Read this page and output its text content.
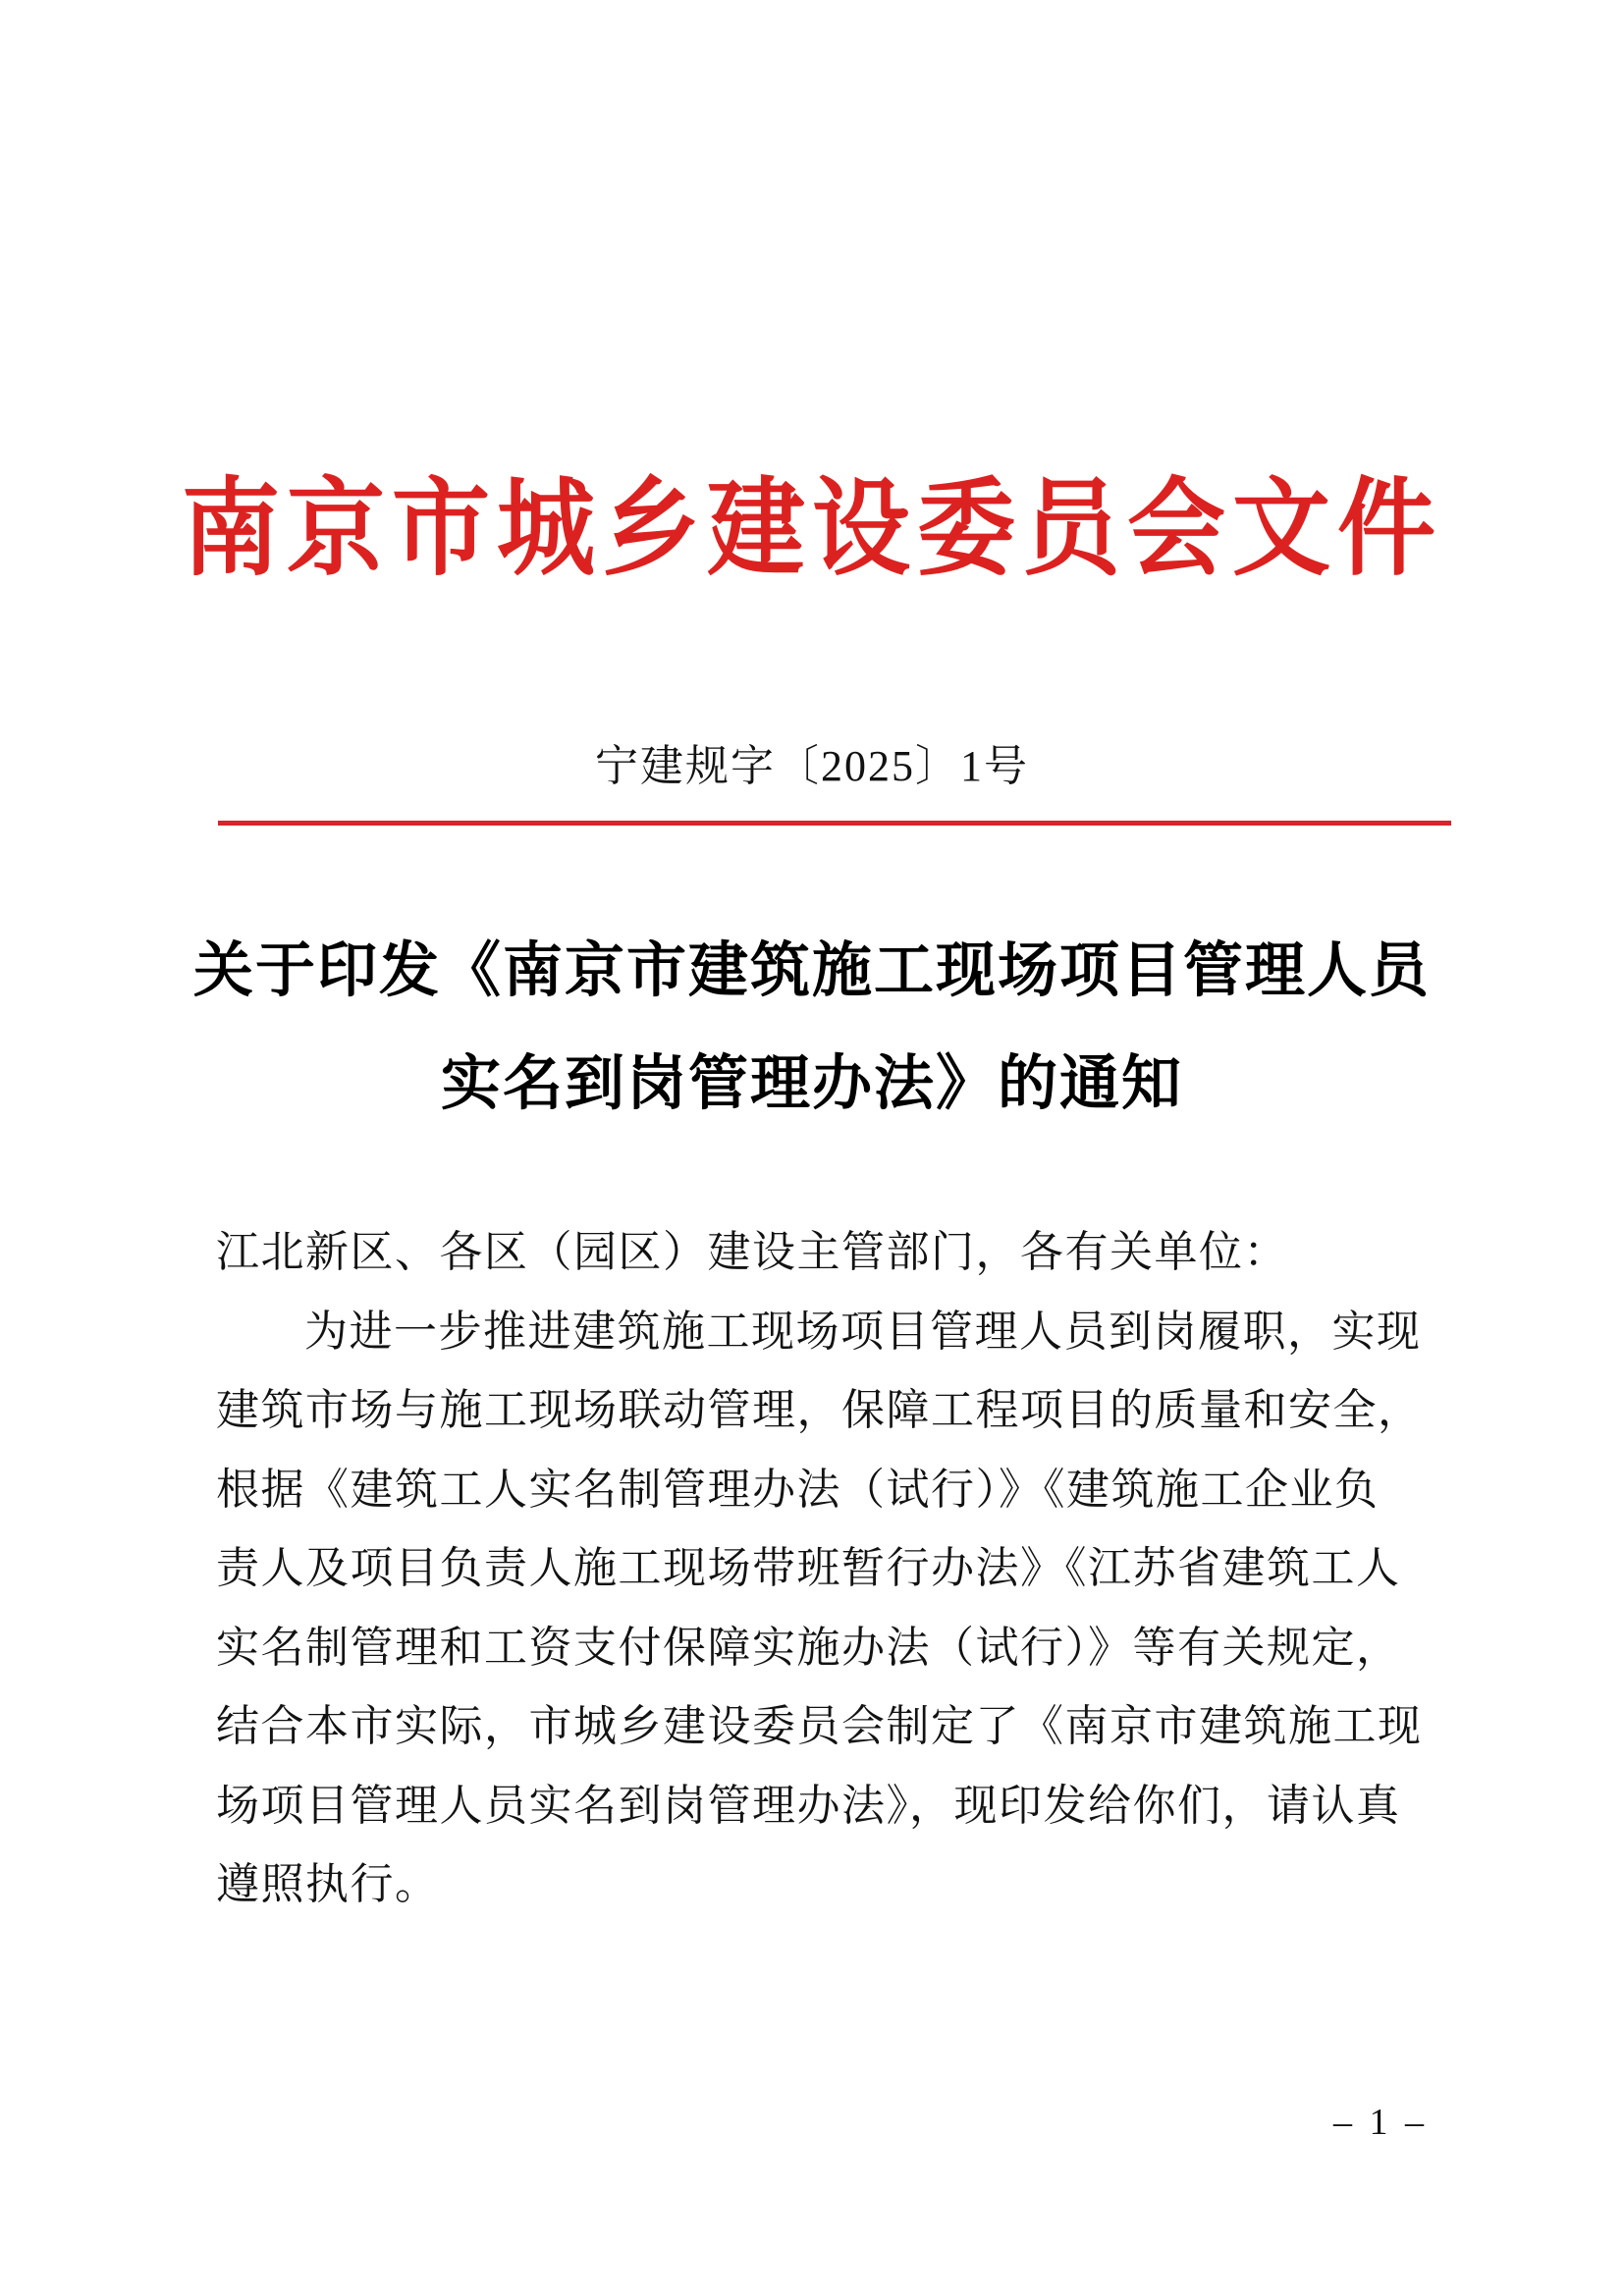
南京市城乡建设委员会文件
宁建规字〔2025〕1号
关于印发《南京市建筑施工现场项目管理人员
实名到岗管理办法》的通知
江北新区、各区（园区）建设主管部门，各有关单位：
为进一步推进建筑施工现场项目管理人员到岗履职，实现
建筑市场与施工现场联动管理，保障工程项目的质量和安全，
根据《建筑工人实名制管理办法（试行）》《建筑施工企业负
责人及项目负责人施工现场带班暂行办法》《江苏省建筑工人
实名制管理和工资支付保障实施办法（试行）》等有关规定，
结合本市实际，市城乡建设委员会制定了《南京市建筑施工现
场项目管理人员实名到岗管理办法》，现印发给你们，请认真
遵照执行。
– 1 –
